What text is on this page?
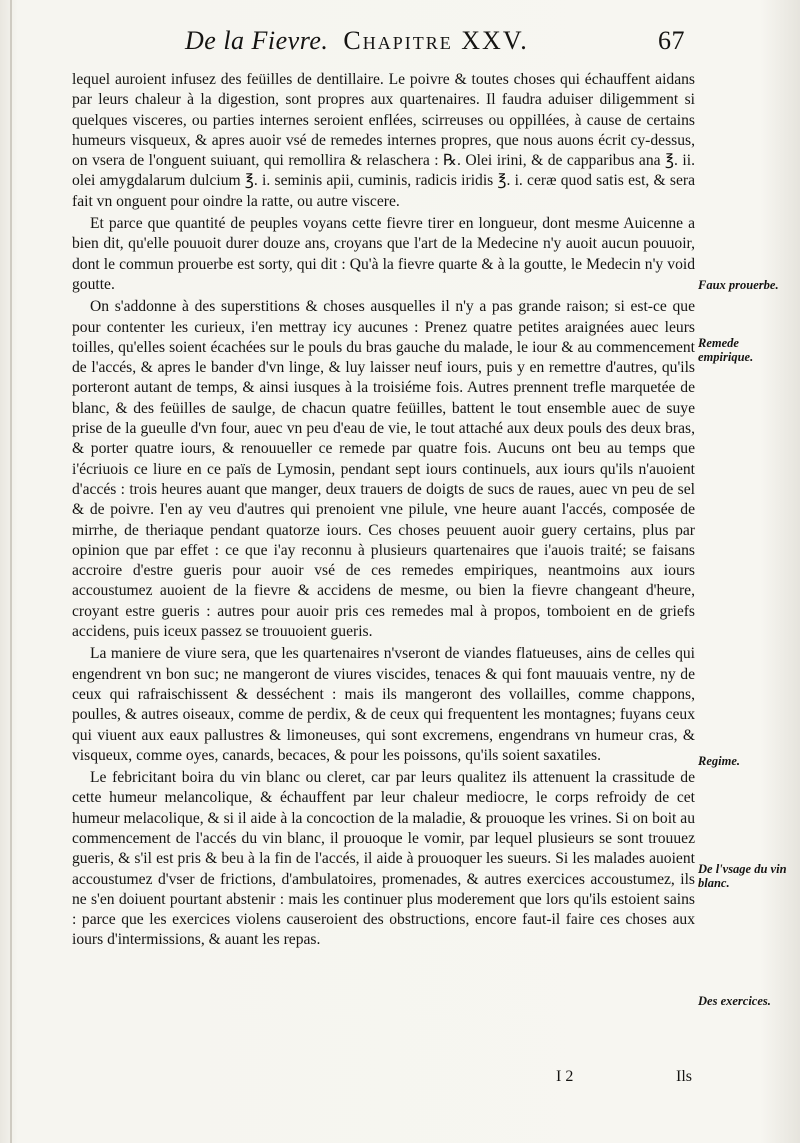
De la Fievre. Chapitre XXV.	67

lequel auroient infusez des feüilles de dentillaire. Le poivre & toutes choses qui échauffent aidans par leurs chaleur à la digestion, sont propres aux quartenaires. Il faudra aduiser diligemment si quelques visceres, ou parties internes seroient enflées, scirreuses ou oppillées, à cause de certains humeurs visqueux, & apres auoir vsé de remedes internes propres, que nous auons écrit cy-dessus, on vsera de l'onguent suiuant, qui remollira & relaschera : ℞. Olei irini, & de capparibus ana ℥. ii. olei amygdalarum dulcium ℥. i. seminis apii, cuminis, radicis iridis ℥. i. ceræ quod satis est, & sera fait vn onguent pour oindre la ratte, ou autre viscere.

Et parce que quantité de peuples voyans cette fievre tirer en longueur, dont mesme Auicenne a bien dit, qu'elle pouuoit durer douze ans, croyans que l'art de la Medecine n'y auoit aucun pouuoir, dont le commun prouerbe est sorty, qui dit : Qu'à la fievre quarte & à la goutte, le Medecin n'y void goutte.

On s'addonne à des superstitions & choses ausquelles il n'y a pas grande raison; si est-ce que pour contenter les curieux, i'en mettray icy aucunes : Prenez quatre petites araignées auec leurs toilles, qu'elles soient écachées sur le pouls du bras gauche du malade, le iour & au commencement de l'accés, & apres le bander d'vn linge, & luy laisser neuf iours, puis y en remettre d'autres, qu'ils porteront autant de temps, & ainsi iusques à la troisiéme fois. Autres prennent trefle marquetée de blanc, & des feüilles de saulge, de chacun quatre feüilles, battent le tout ensemble auec de suye prise de la gueulle d'vn four, auec vn peu d'eau de vie, le tout attaché aux deux pouls des deux bras, & porter quatre iours, & renouueller ce remede par quatre fois. Aucuns ont beu au temps que i'écriuois ce liure en ce païs de Lymosin, pendant sept iours continuels, aux iours qu'ils n'auoient d'accés : trois heures auant que manger, deux trauers de doigts de sucs de raues, auec vn peu de sel & de poivre. I'en ay veu d'autres qui prenoient vne pilule, vne heure auant l'accés, composée de mirrhe, de theriaque pendant quatorze iours. Ces choses peuuent auoir guery certains, plus par opinion que par effet : ce que i'ay reconnu à plusieurs quartenaires que i'auois traité; se faisans accroire d'estre gueris pour auoir vsé de ces remedes empiriques, neantmoins aux iours accoustumez auoient de la fievre & accidens de mesme, ou bien la fievre changeant d'heure, croyant estre gueris : autres pour auoir pris ces remedes mal à propos, tomboient en de griefs accidens, puis iceux passez se trouuoient gueris.

La maniere de viure sera, que les quartenaires n'vseront de viandes flatueuses, ains de celles qui engendrent vn bon suc; ne mangeront de viures viscides, tenaces & qui font mauuais ventre, ny de ceux qui rafraischissent & desséchent : mais ils mangeront des vollailles, comme chappons, poulles, & autres oiseaux, comme de perdix, & de ceux qui frequentent les montagnes; fuyans ceux qui viuent aux eaux pallustres & limoneuses, qui sont excremens, engendrans vn humeur cras, & visqueux, comme oyes, canards, becaces, & pour les poissons, qu'ils soient saxatiles.

Le febricitant boira du vin blanc ou cleret, car par leurs qualitez ils attenuent la crassitude de cette humeur melancolique, & échauffent par leur chaleur mediocre, le corps refroidy de cet humeur melacolique, & si il aide à la concoction de la maladie, & prouoque les vrines. Si on boit au commencement de l'accés du vin blanc, il prouoque le vomir, par lequel plusieurs se sont trouuez gueris, & s'il est pris & beu à la fin de l'accés, il aide à prouoquer les sueurs. Si les malades auoient accoustumez d'vser de frictions, d'ambulatoires, promenades, & autres exercices accoustumez, ils ne s'en doiuent pourtant abstenir : mais les continuer plus moderement que lors qu'ils estoient sains : parce que les exercices violens causeroient des obstructions, encore faut-il faire ces choses aux iours d'intermissions, & auant les repas.

Faux prouerbe.
Remede empirique.
Regime.
De l'vsage du vin blanc.
Des exercices.
I 2	Ils
